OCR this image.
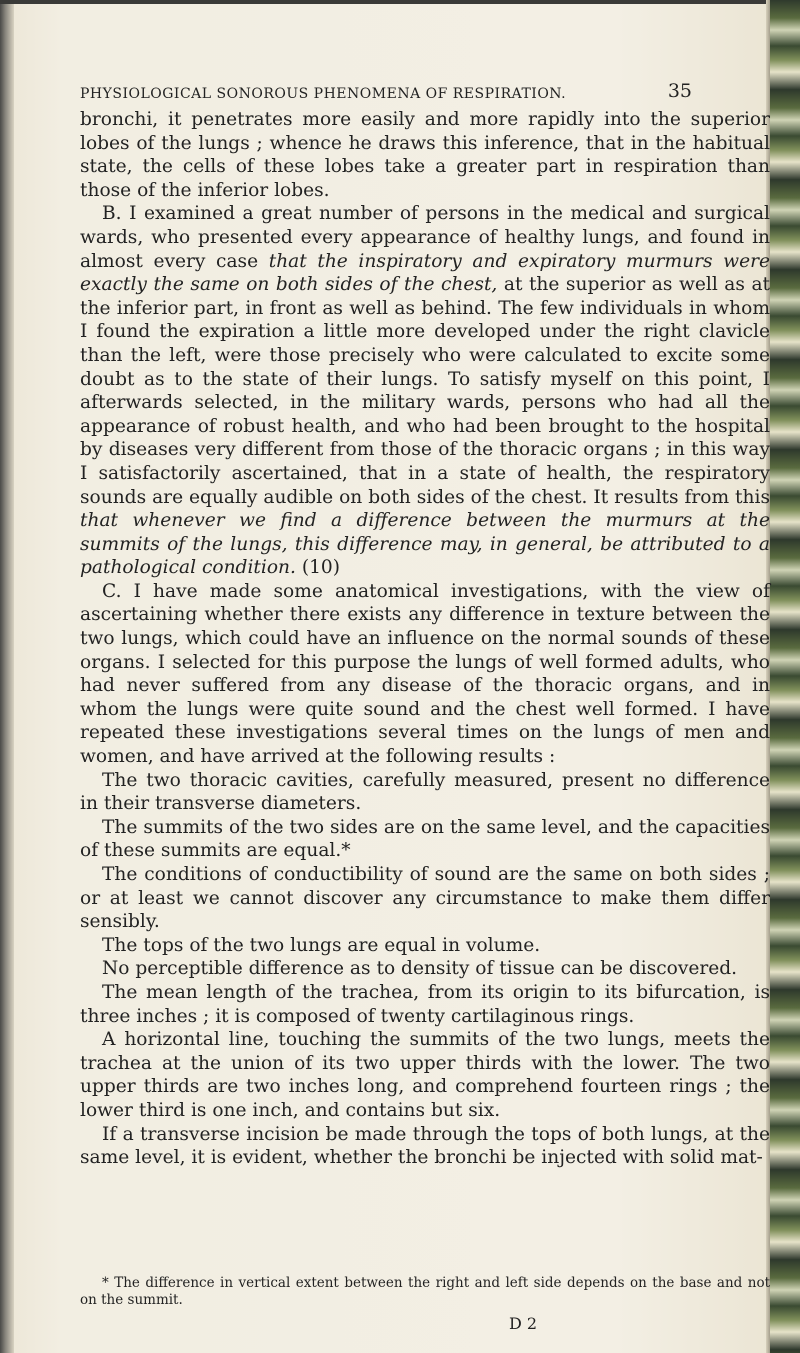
PHYSIOLOGICAL SONOROUS PHENOMENA OF RESPIRATION.	35

bronchi, it penetrates more easily and more rapidly into the superior lobes of the lungs ; whence he draws this inference, that in the habitual state, the cells of these lobes take a greater part in respiration than those of the inferior lobes.

B. I examined a great number of persons in the medical and surgical wards, who presented every appearance of healthy lungs, and found in almost every case that the inspiratory and expiratory murmurs were exactly the same on both sides of the chest, at the superior as well as at the inferior part, in front as well as behind. The few individuals in whom I found the expiration a little more developed under the right clavicle than the left, were those precisely who were calculated to excite some doubt as to the state of their lungs. To satisfy myself on this point, I afterwards selected, in the military wards, persons who had all the appearance of robust health, and who had been brought to the hospital by diseases very different from those of the thoracic organs ; in this way I satisfactorily ascertained, that in a state of health, the respiratory sounds are equally audible on both sides of the chest. It results from this that whenever we find a difference between the murmurs at the summits of the lungs, this difference may, in general, be attributed to a pathological condition. (10)

C. I have made some anatomical investigations, with the view of ascertaining whether there exists any difference in texture between the two lungs, which could have an influence on the normal sounds of these organs. I selected for this purpose the lungs of well formed adults, who had never suffered from any disease of the thoracic organs, and in whom the lungs were quite sound and the chest well formed. I have repeated these investigations several times on the lungs of men and women, and have arrived at the following results :

The two thoracic cavities, carefully measured, present no difference in their transverse diameters.

The summits of the two sides are on the same level, and the capacities of these summits are equal.*

The conditions of conductibility of sound are the same on both sides ; or at least we cannot discover any circumstance to make them differ sensibly.

The tops of the two lungs are equal in volume.

No perceptible difference as to density of tissue can be discovered.

The mean length of the trachea, from its origin to its bifurcation, is three inches ; it is composed of twenty cartilaginous rings.

A horizontal line, touching the summits of the two lungs, meets the trachea at the union of its two upper thirds with the lower. The two upper thirds are two inches long, and comprehend fourteen rings ; the lower third is one inch, and contains but six.

If a transverse incision be made through the tops of both lungs, at the same level, it is evident, whether the bronchi be injected with solid mat-

* The difference in vertical extent between the right and left side depends on the base and not on the summit.

D 2
